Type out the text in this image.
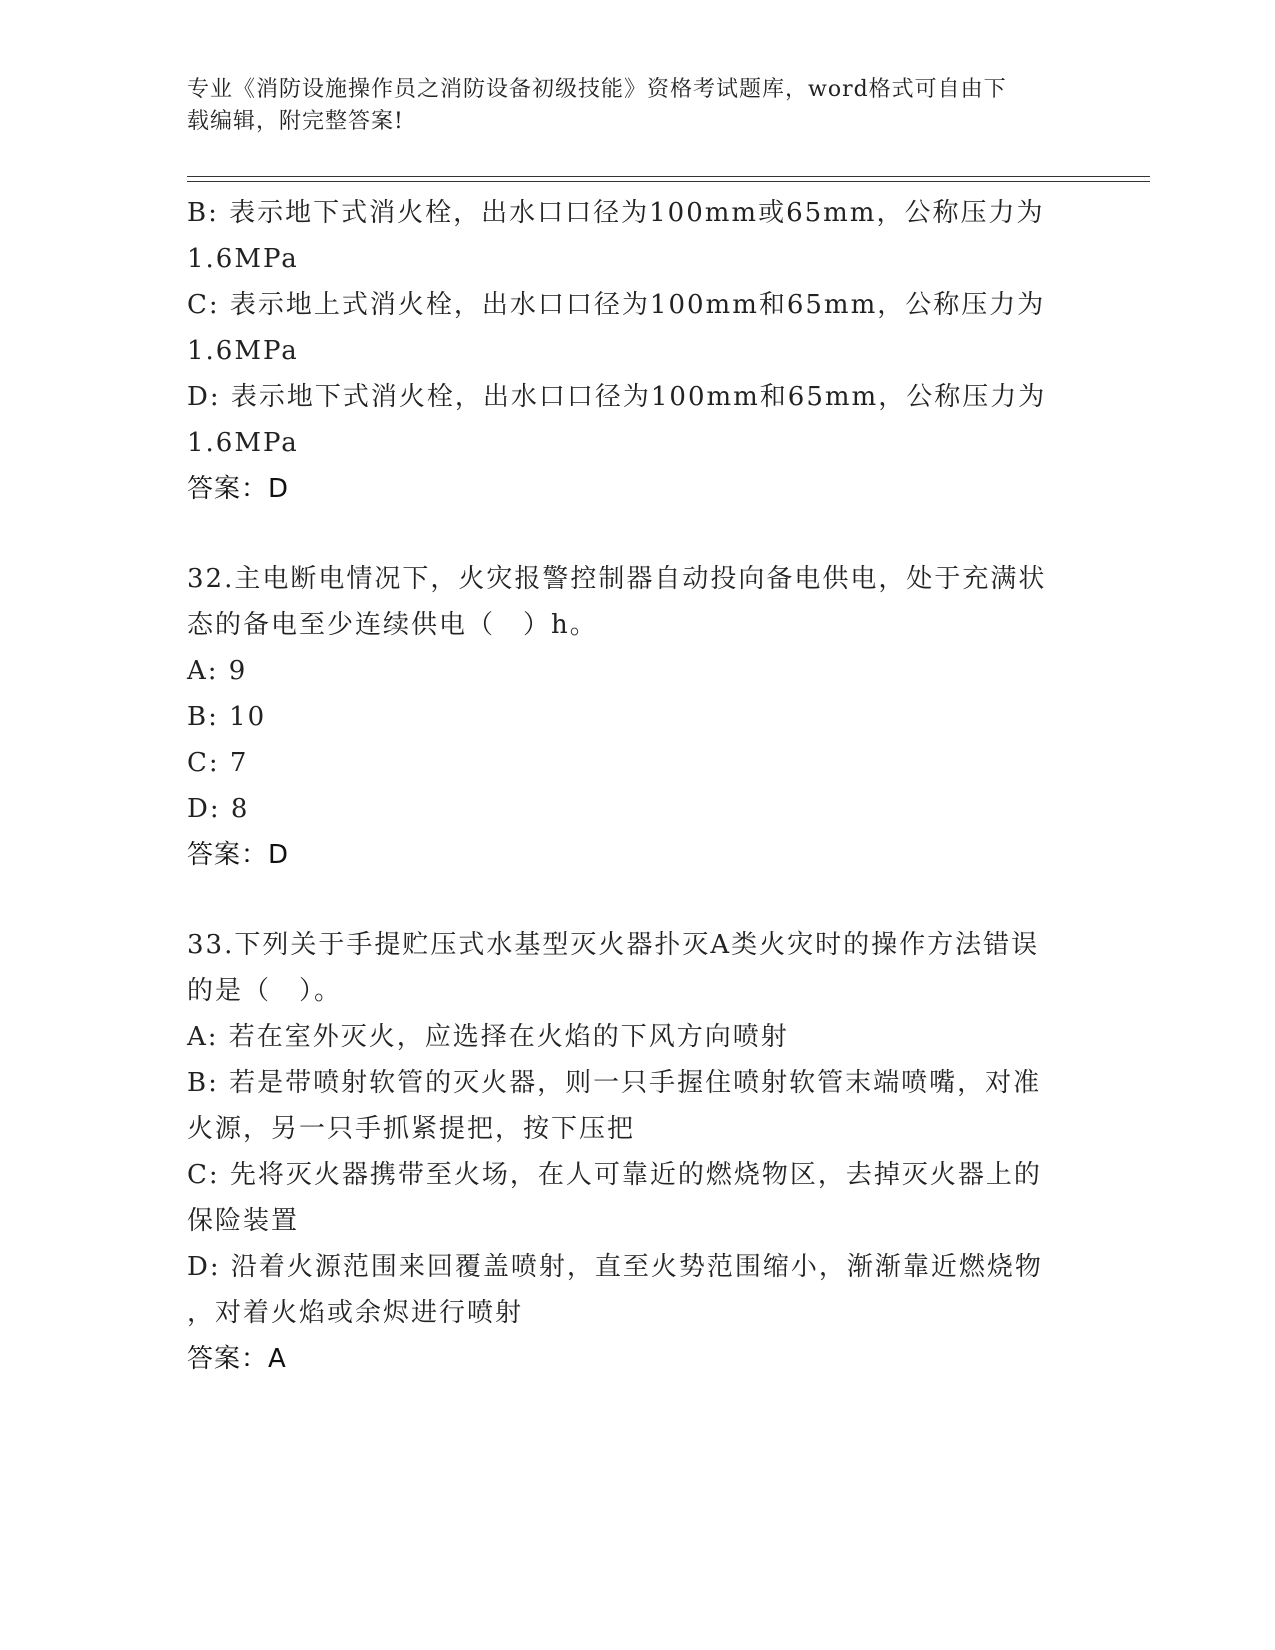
专业《消防设施操作员之消防设备初级技能》资格考试题库，word格式可自由下
载编辑，附完整答案!
B: 表示地下式消火栓，出水口口径为100mm或65mm，公称压力为
1.6MPa
C: 表示地上式消火栓，出水口口径为100mm和65mm，公称压力为
1.6MPa
D: 表示地下式消火栓，出水口口径为100mm和65mm，公称压力为
1.6MPa
答案：D
32.主电断电情况下，火灾报警控制器自动投向备电供电，处于充满状
态的备电至少连续供电（　）h。
A: 9
B: 10
C: 7
D: 8
答案：D
33.下列关于手提贮压式水基型灭火器扑灭A类火灾时的操作方法错误
的是（　）。
A: 若在室外灭火，应选择在火焰的下风方向喷射
B: 若是带喷射软管的灭火器，则一只手握住喷射软管末端喷嘴，对准
火源，另一只手抓紧提把，按下压把
C: 先将灭火器携带至火场，在人可靠近的燃烧物区，去掉灭火器上的
保险装置
D: 沿着火源范围来回覆盖喷射，直至火势范围缩小，渐渐靠近燃烧物
，对着火焰或余烬进行喷射
答案：A
